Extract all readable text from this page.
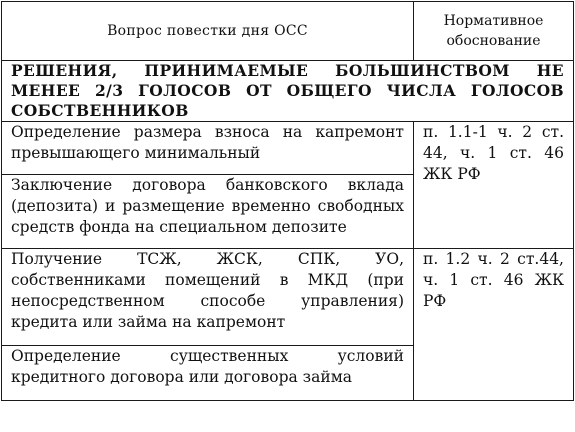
Вопрос повестки дня ОСС	Нормативное
обоснование

РЕШЕНИЯ, ПРИНИМАЕМЫЕ БОЛЬШИНСТВОМ НЕ МЕНЕЕ 2/3 ГОЛОСОВ ОТ ОБЩЕГО ЧИСЛА ГОЛОСОВ СОБСТВЕННИКОВ	
Определение размера взноса на капремонт превышающего минимальный	п. 1.1-1 ч. 2 ст. 44, ч. 1 ст. 46 ЖК РФ
Заключение договора банковского вклада (депозита) и размещение временно свободных средств фонда на специальном депозите	
Получение ТСЖ, ЖСК, СПК, УО, собственниками помещений в МКД (при непосредственном способе управления) кредита или займа на капремонт	п. 1.2 ч. 2 ст.44, ч. 1 ст. 46 ЖК РФ
Определение существенных условий кредитного договора или договора займа	
